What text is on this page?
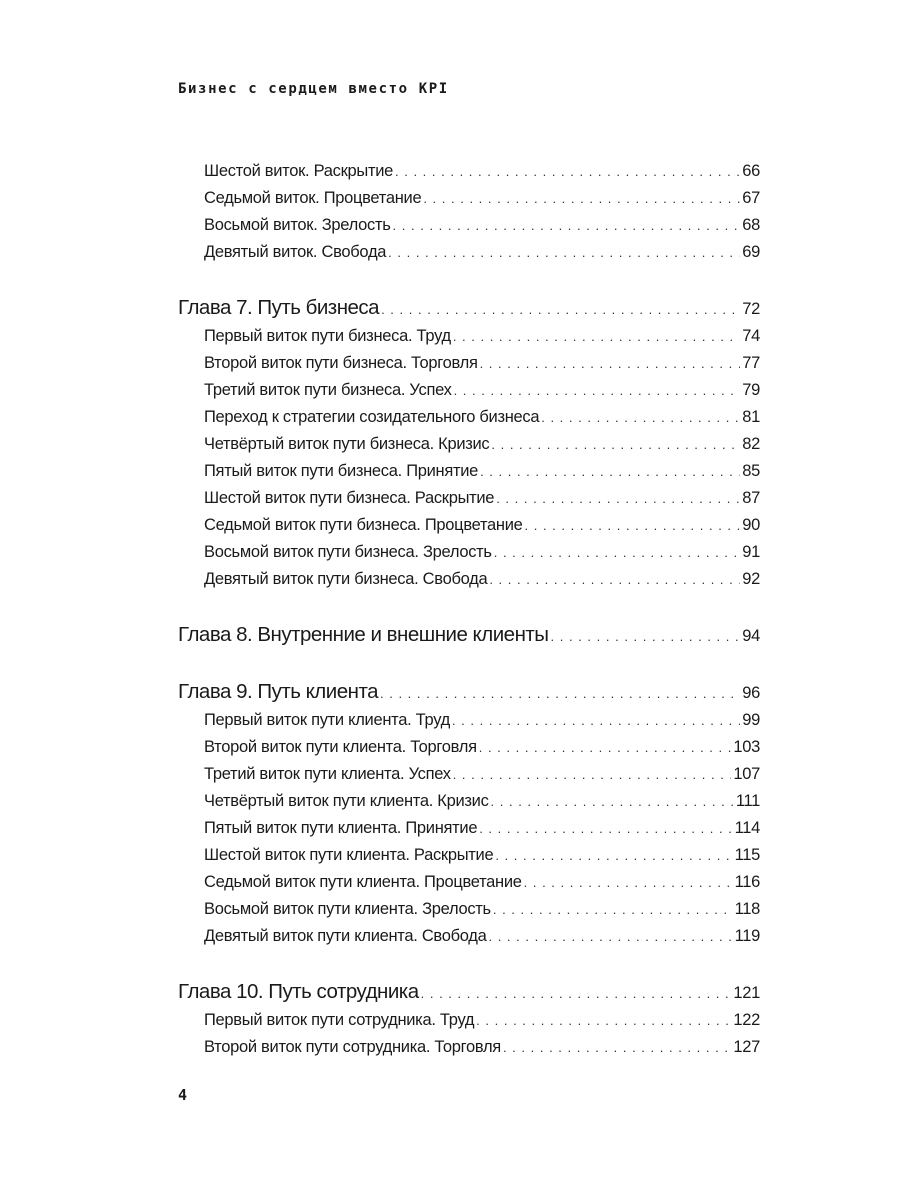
Бизнес с сердцем вместо KPI
Шестой виток. Раскрытие . . .	66
Седьмой виток. Процветание . . .	67
Восьмой виток. Зрелость . . .	68
Девятый виток. Свобода . . .	69
Глава 7. Путь бизнеса . . .	72
Первый виток пути бизнеса. Труд . . .	74
Второй виток пути бизнеса. Торговля . . .	77
Третий виток пути бизнеса. Успех . . .	79
Переход к стратегии созидательного бизнеса . . .	81
Четвёртый виток пути бизнеса. Кризис . . .	82
Пятый виток пути бизнеса. Принятие . . .	85
Шестой виток пути бизнеса. Раскрытие . . .	87
Седьмой виток пути бизнеса. Процветание . . .	90
Восьмой виток пути бизнеса. Зрелость . . .	91
Девятый виток пути бизнеса. Свобода . . .	92
Глава 8. Внутренние и внешние клиенты . . .	94
Глава 9. Путь клиента . . .	96
Первый виток пути клиента. Труд . . .	99
Второй виток пути клиента. Торговля . . .	103
Третий виток пути клиента. Успех . . .	107
Четвёртый виток пути клиента. Кризис . . .	111
Пятый виток пути клиента. Принятие . . .	114
Шестой виток пути клиента. Раскрытие . . .	115
Седьмой виток пути клиента. Процветание . . .	116
Восьмой виток пути клиента. Зрелость . . .	118
Девятый виток пути клиента. Свобода . . .	119
Глава 10. Путь сотрудника . . .	121
Первый виток пути сотрудника. Труд . . .	122
Второй виток пути сотрудника. Торговля . . .	127
4
